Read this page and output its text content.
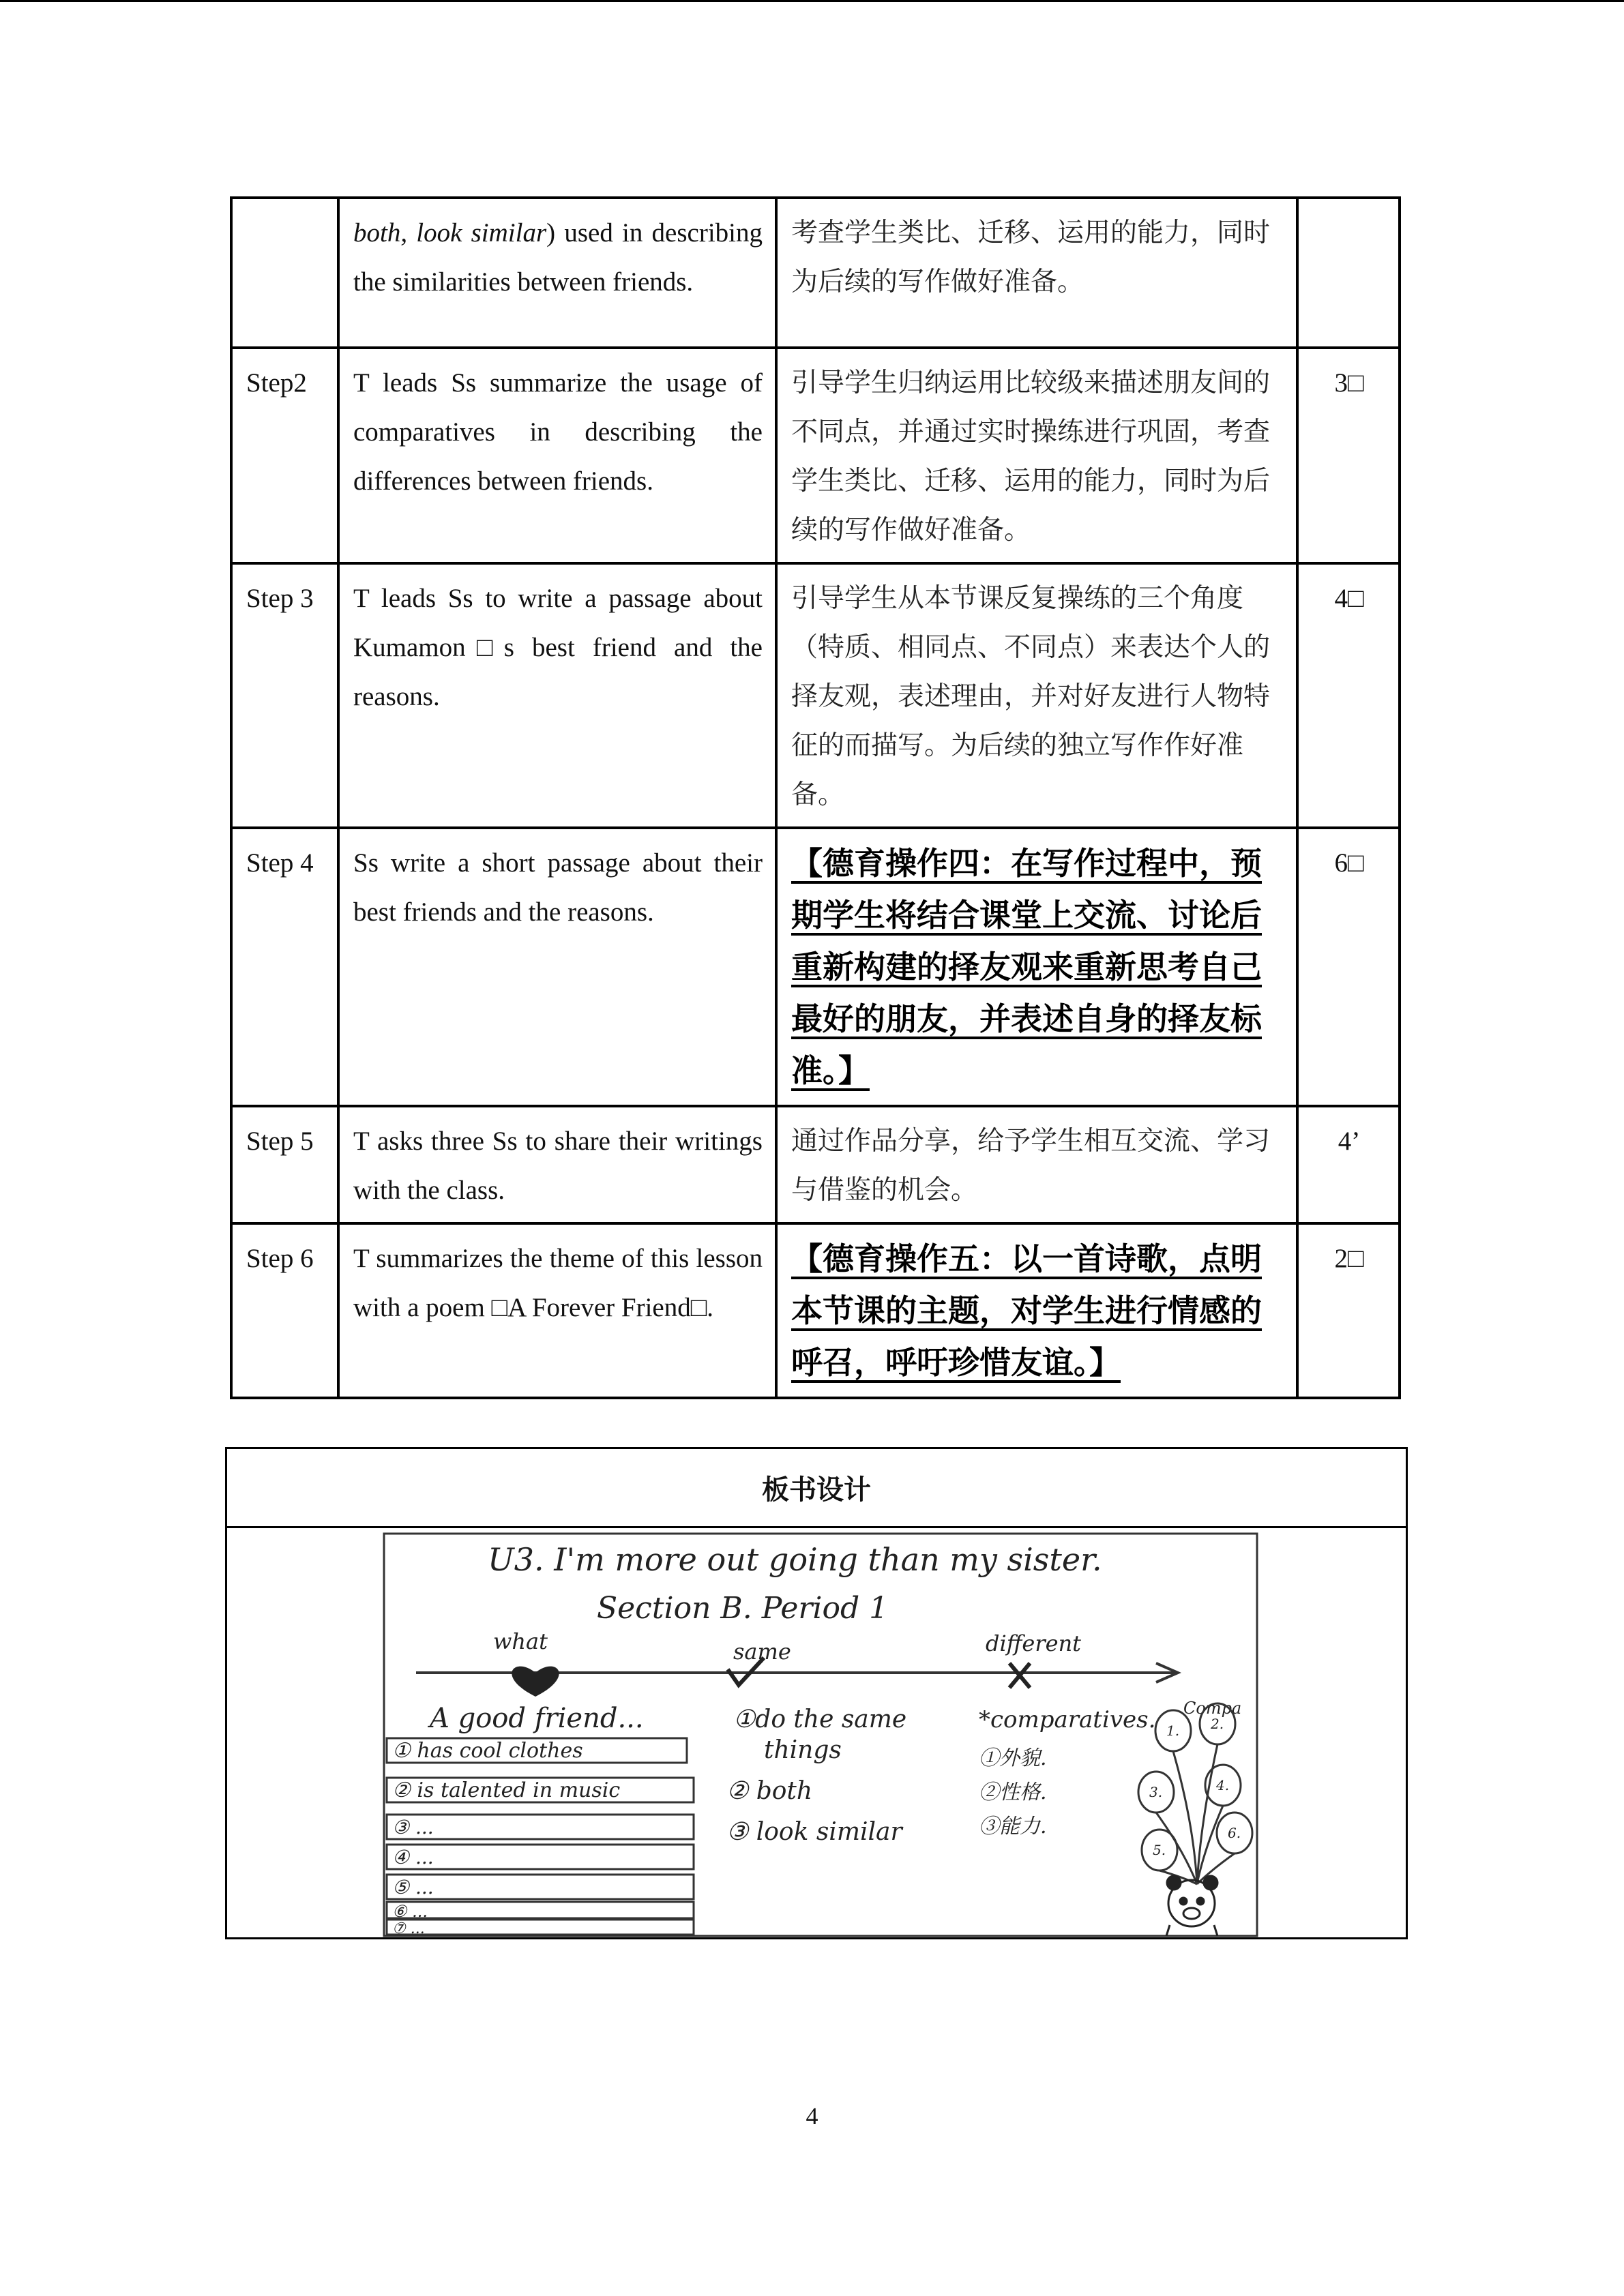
	both, look similar) used in describing the similarities between friends.	考查学生类比、迁移、运用的能力，同时为后续的写作做好准备。	
Step2	T leads Ss summarize the usage of comparatives in describing the differences between friends.	引导学生归纳运用比较级来描述朋友间的不同点，并通过实时操练进行巩固，考查学生类比、迁移、运用的能力，同时为后续的写作做好准备。	3□
Step 3	T leads Ss to write a passage about Kumamon□s best friend and the reasons.	引导学生从本节课反复操练的三个角度（特质、相同点、不同点）来表达个人的择友观，表述理由，并对好友进行人物特征的而描写。为后续的独立写作作好准备。	4□
Step 4	Ss write a short passage about their best friends and the reasons.	【德育操作四：在写作过程中，预期学生将结合课堂上交流、讨论后重新构建的择友观来重新思考自己最好的朋友，并表述自身的择友标准。】	6□
Step 5	T asks three Ss to share their writings with the class.	通过作品分享，给予学生相互交流、学习与借鉴的机会。	4’
Step 6	T summarizes the theme of this lesson with a poem □A Forever Friend□.	【德育操作五：以一首诗歌，点明本节课的主题，对学生进行情感的呼召，呼吁珍惜友谊。】	2□
板书设计
U3. I'm more out going than my sister.
Section B. Period 1
what	same	different
A good friend...
① has cool clothes
② is talented in music
③ ...
④ ...
⑤ ...
⑥ ...
⑦ ...
①do the same
things
② both
③ look similar
*comparatives.
①外貌.
②性格.
③能力.
Compa
1. 2.
3.	4.
5.
6.
4
